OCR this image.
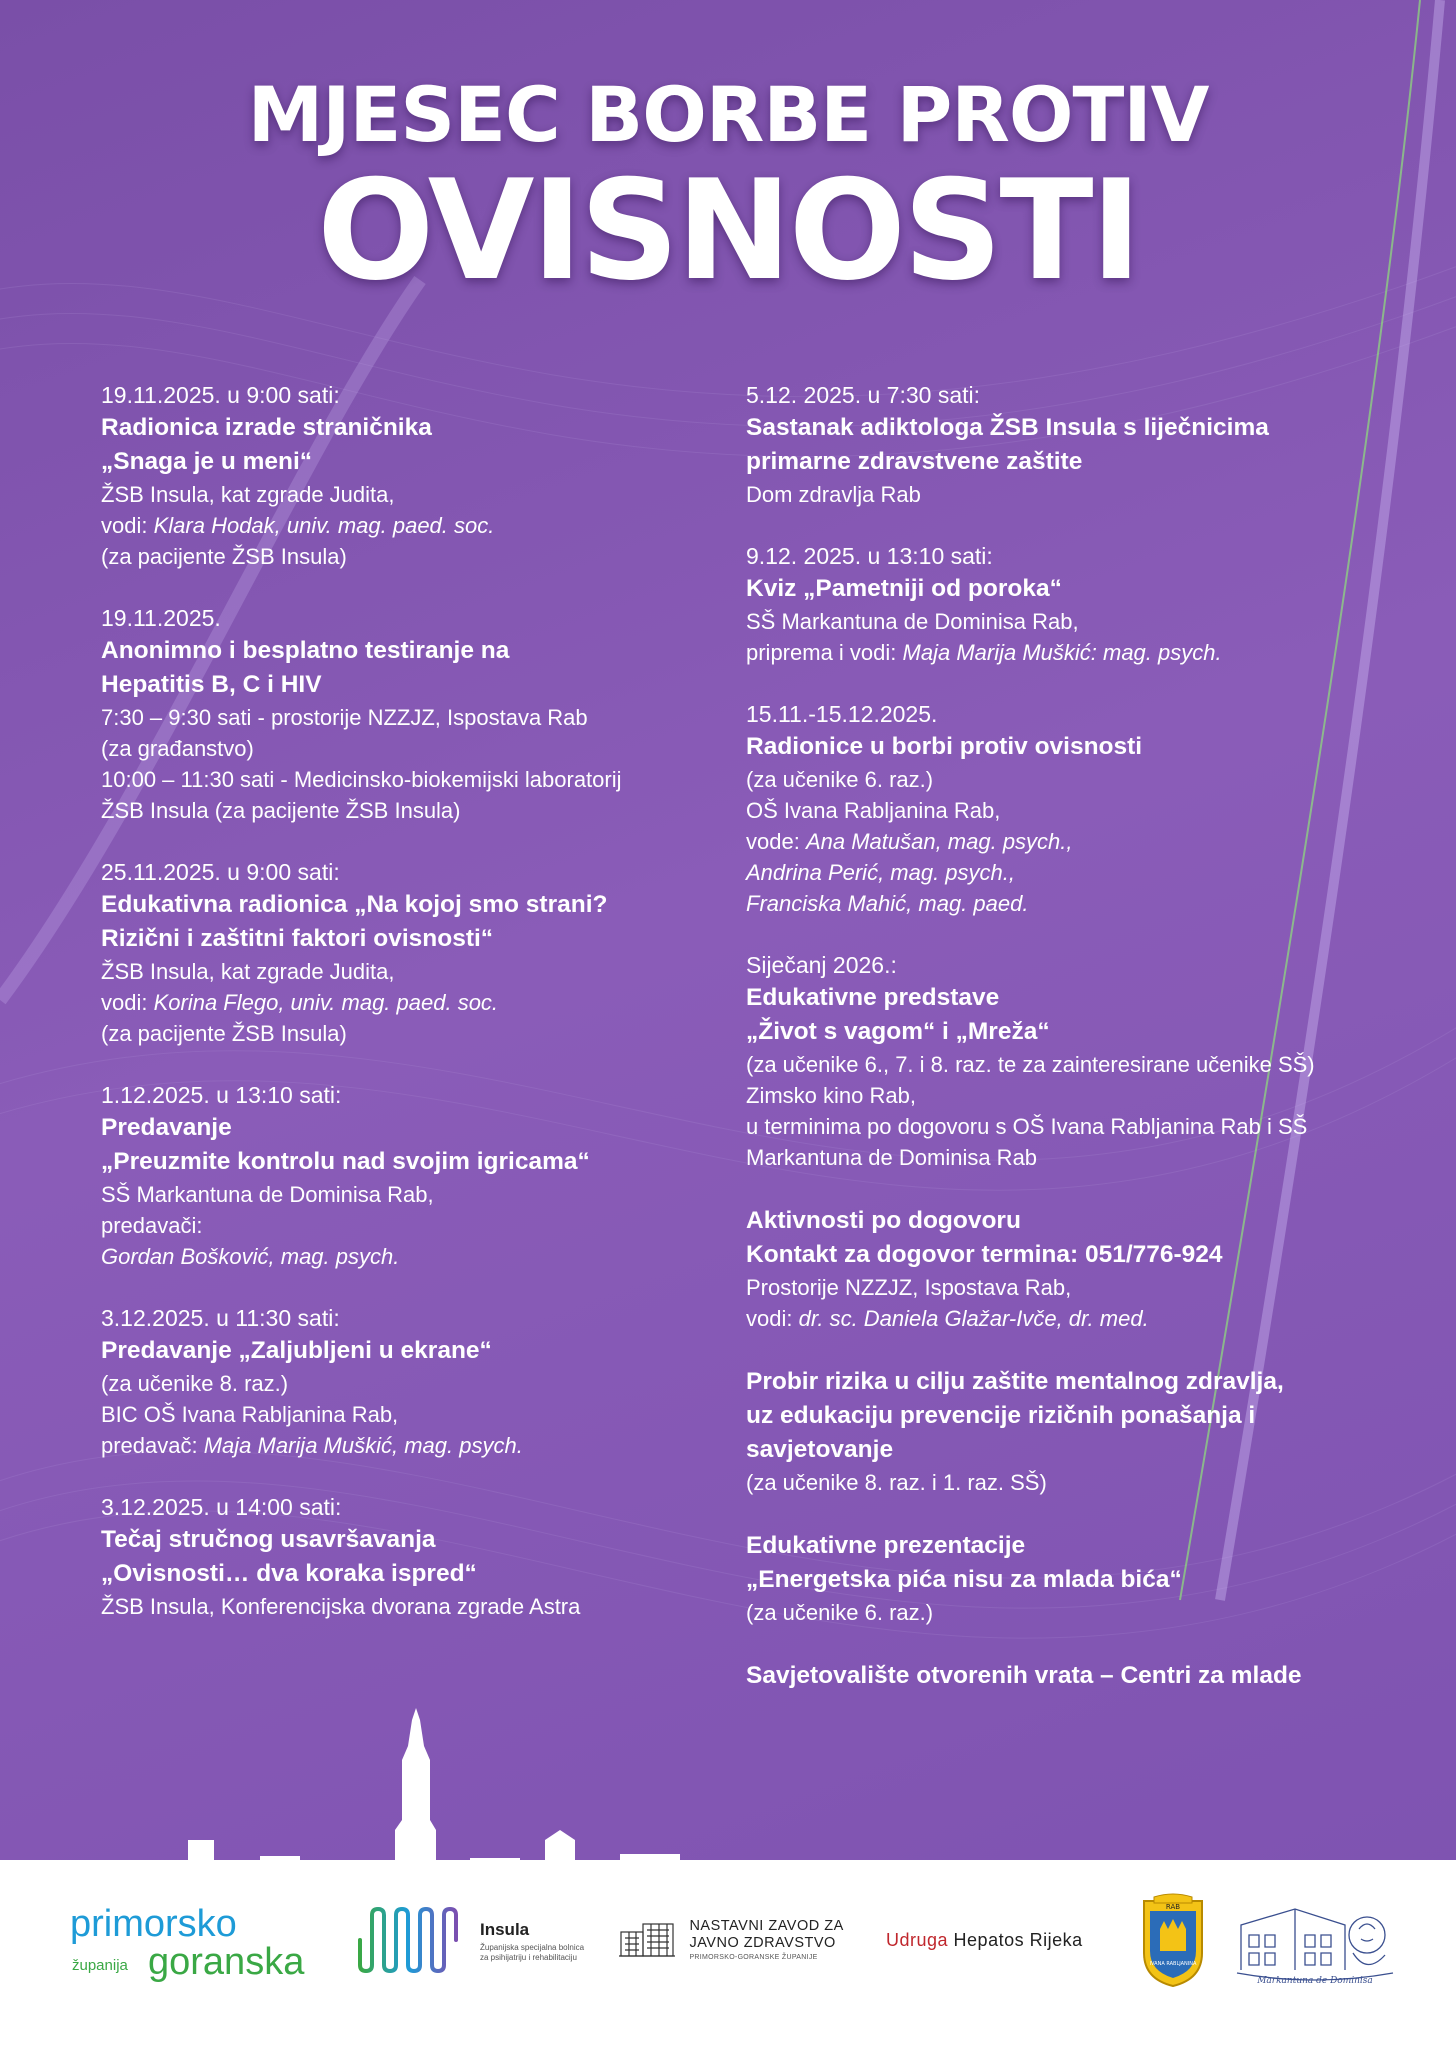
MJESEC BORBE PROTIV
OVISNOSTI
19.11.2025. u 9:00 sati:
Radionica izrade straničnika
„Snaga je u meni“
ŽSB Insula, kat zgrade Judita,
vodi: Klara Hodak, univ. mag. paed. soc.
(za pacijente ŽSB Insula)
19.11.2025.
Anonimno i besplatno testiranje na
Hepatitis B, C i HIV
7:30 – 9:30 sati - prostorije NZZJZ, Ispostava Rab
(za građanstvo)
10:00 – 11:30 sati - Medicinsko-biokemijski laboratorij
ŽSB Insula (za pacijente ŽSB Insula)
25.11.2025. u 9:00 sati:
Edukativna radionica „Na kojoj smo strani?
Rizični i zaštitni faktori ovisnosti“
ŽSB Insula, kat zgrade Judita,
vodi: Korina Flego, univ. mag. paed. soc.
(za pacijente ŽSB Insula)
1.12.2025. u 13:10 sati:
Predavanje
„Preuzmite kontrolu nad svojim igricama“
SŠ Markantuna de Dominisa Rab,
predavači:
Gordan Bošković, mag. psych.
3.12.2025. u 11:30 sati:
Predavanje „Zaljubljeni u ekrane“
(za učenike 8. raz.)
BIC OŠ Ivana Rabljanina Rab,
predavač: Maja Marija Muškić, mag. psych.
3.12.2025. u 14:00 sati:
Tečaj stručnog usavršavanja
„Ovisnosti… dva koraka ispred“
ŽSB Insula, Konferencijska dvorana zgrade Astra
5.12. 2025. u 7:30 sati:
Sastanak adiktologa ŽSB Insula s liječnicima
primarne zdravstvene zaštite
Dom zdravlja Rab
9.12. 2025. u 13:10 sati:
Kviz „Pametniji od poroka“
SŠ Markantuna de Dominisa Rab,
priprema i vodi: Maja Marija Muškić: mag. psych.
15.11.-15.12.2025.
Radionice u borbi protiv ovisnosti
(za učenike 6. raz.)
OŠ Ivana Rabljanina Rab,
vode: Ana Matušan, mag. psych.,
Andrina Perić, mag. psych.,
Franciska Mahić, mag. paed.
Siječanj 2026.:
Edukativne predstave
„Život s vagom“ i „Mreža“
(za učenike 6., 7. i 8. raz. te za zainteresirane učenike SŠ)
Zimsko kino Rab,
u terminima po dogovoru s OŠ Ivana Rabljanina Rab i SŠ
Markantuna de Dominisa Rab
Aktivnosti po dogovoru
Kontakt za dogovor termina: 051/776-924
Prostorije NZZJZ, Ispostava Rab,
vodi: dr. sc. Daniela Glažar-Ivče, dr. med.
Probir rizika u cilju zaštite mentalnog zdravlja,
uz edukaciju prevencije rizičnih ponašanja i
savjetovanje
(za učenike 8. raz. i 1. raz. SŠ)
Edukativne prezentacije
„Energetska pića nisu za mlada bića“
(za učenike 6. raz.)
Savjetovalište otvorenih vrata – Centri za mlade
primorsko
goranska
županija
Insula
Županijska specijalna bolnica za psihijatriju i rehabilitaciju

NASTAVNI ZAVOD ZA
JAVNO ZDRAVSTVO
PRIMORSKO-GORANSKE ŽUPANIJE
Udruga Hepatos Rijeka
RAB
IVANA RABLJANINA
Markantuna de Dominisa
